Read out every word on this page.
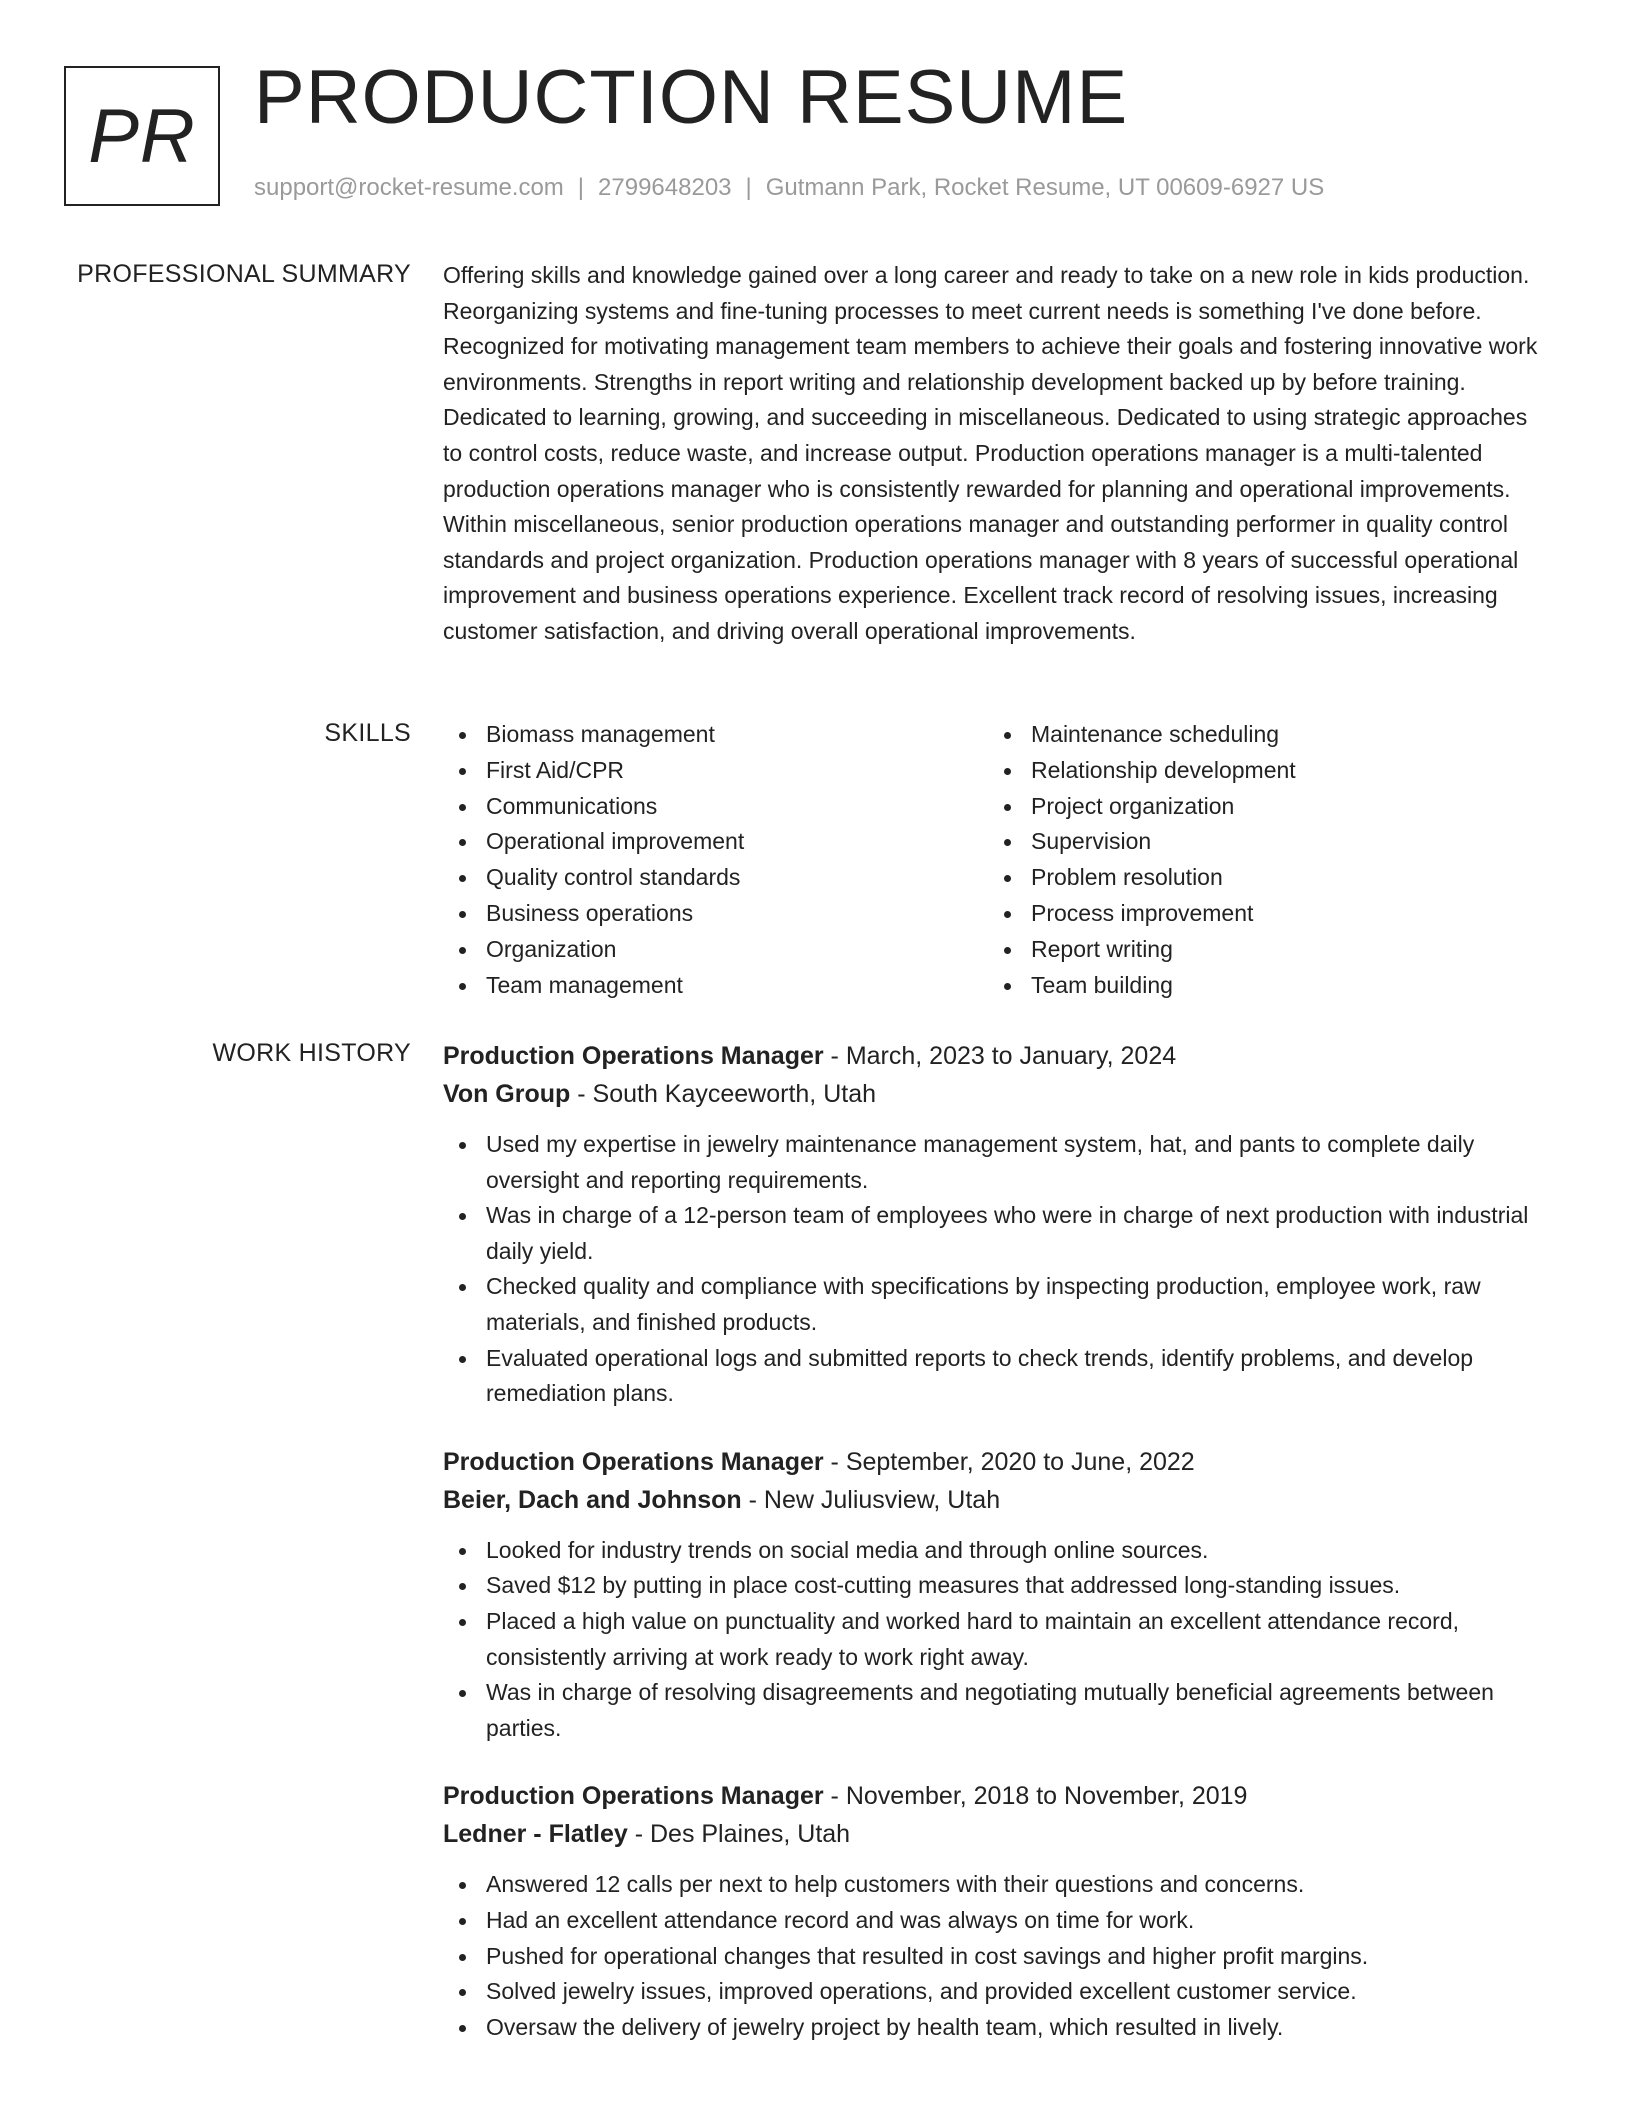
PR PRODUCTION RESUME
support@rocket-resume.com | 2799648203 | Gutmann Park, Rocket Resume, UT 00609-6927 US
PROFESSIONAL SUMMARY Offering skills and knowledge gained over a long career and ready to take on a new role in kids production. Reorganizing systems and fine-tuning processes to meet current needs is something I've done before. Recognized for motivating management team members to achieve their goals and fostering innovative work environments. Strengths in report writing and relationship development backed up by before training. Dedicated to learning, growing, and succeeding in miscellaneous. Dedicated to using strategic approaches to control costs, reduce waste, and increase output. Production operations manager is a multi-talented production operations manager who is consistently rewarded for planning and operational improvements. Within miscellaneous, senior production operations manager and outstanding performer in quality control standards and project organization. Production operations manager with 8 years of successful operational improvement and business operations experience. Excellent track record of resolving issues, increasing customer satisfaction, and driving overall operational improvements.
SKILLS	Biomass management
First Aid/CPR
Communications
Operational improvement
Quality control standards
Business operations
Organization
Team management
Maintenance scheduling
Relationship development
Project organization
Supervision
Problem resolution
Process improvement
Report writing
Team building
WORK HISTORY Production Operations Manager - March, 2023 to January, 2024
Von Group - South Kayceeworth, Utah
Used my expertise in jewelry maintenance management system, hat, and pants to complete daily oversight and reporting requirements.
Was in charge of a 12-person team of employees who were in charge of next production with industrial daily yield.
Checked quality and compliance with specifications by inspecting production, employee work, raw materials, and finished products.
Evaluated operational logs and submitted reports to check trends, identify problems, and develop remediation plans.
Production Operations Manager - September, 2020 to June, 2022
Beier, Dach and Johnson - New Juliusview, Utah
Looked for industry trends on social media and through online sources.
Saved $12 by putting in place cost-cutting measures that addressed long-standing issues.
Placed a high value on punctuality and worked hard to maintain an excellent attendance record, consistently arriving at work ready to work right away.
Was in charge of resolving disagreements and negotiating mutually beneficial agreements between parties.
Production Operations Manager - November, 2018 to November, 2019
Ledner - Flatley - Des Plaines, Utah
Answered 12 calls per next to help customers with their questions and concerns.
Had an excellent attendance record and was always on time for work.
Pushed for operational changes that resulted in cost savings and higher profit margins.
Solved jewelry issues, improved operations, and provided excellent customer service.
Oversaw the delivery of jewelry project by health team, which resulted in lively.
